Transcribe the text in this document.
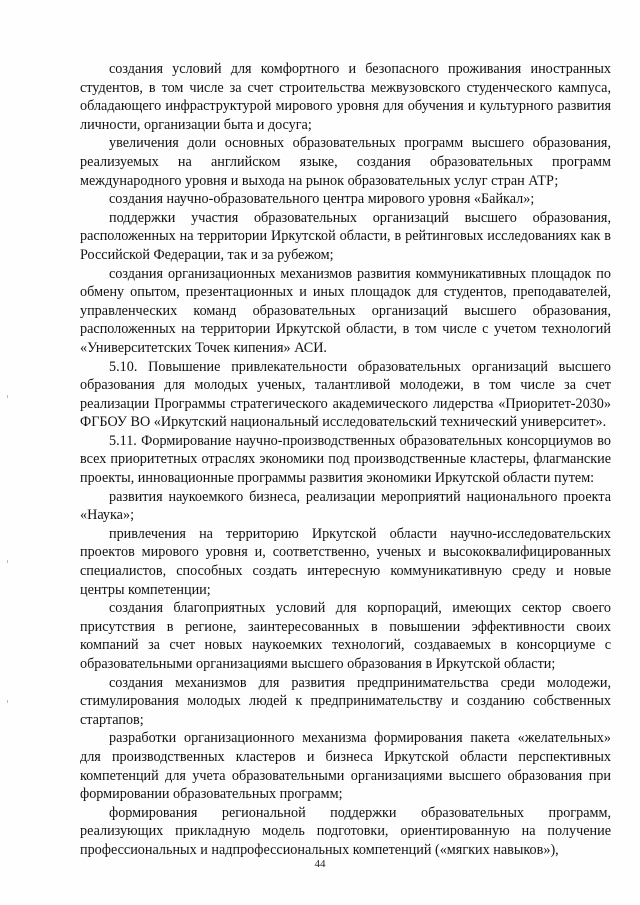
создания условий для комфортного и безопасного проживания иностранных студентов, в том числе за счет строительства межвузовского студенческого кампуса, обладающего инфраструктурой мирового уровня для обучения и культурного развития личности, организации быта и досуга;

увеличения доли основных образовательных программ высшего образования, реализуемых на английском языке, создания образовательных программ международного уровня и выхода на рынок образовательных услуг стран АТР;

создания научно-образовательного центра мирового уровня «Байкал»;

поддержки участия образовательных организаций высшего образования, расположенных на территории Иркутской области, в рейтинговых исследованиях как в Российской Федерации, так и за рубежом;

создания организационных механизмов развития коммуникативных площадок по обмену опытом, презентационных и иных площадок для студентов, преподавателей, управленческих команд образовательных организаций высшего образования, расположенных на территории Иркутской области, в том числе с учетом технологий «Университетских Точек кипения» АСИ.

5.10. Повышение привлекательности образовательных организаций высшего образования для молодых ученых, талантливой молодежи, в том числе за счет реализации Программы стратегического академического лидерства «Приоритет-2030» ФГБОУ ВО «Иркутский национальный исследовательский технический университет».

5.11. Формирование научно-производственных образовательных консорциумов во всех приоритетных отраслях экономики под производственные кластеры, флагманские проекты, инновационные программы развития экономики Иркутской области путем:

развития наукоемкого бизнеса, реализации мероприятий национального проекта «Наука»;

привлечения на территорию Иркутской области научно-исследовательских проектов мирового уровня и, соответственно, ученых и высококвалифицированных специалистов, способных создать интересную коммуникативную среду и новые центры компетенции;

создания благоприятных условий для корпораций, имеющих сектор своего присутствия в регионе, заинтересованных в повышении эффективности своих компаний за счет новых наукоемких технологий, создаваемых в консорциуме с образовательными организациями высшего образования в Иркутской области;

создания механизмов для развития предпринимательства среди молодежи, стимулирования молодых людей к предпринимательству и созданию собственных стартапов;

разработки организационного механизма формирования пакета «желательных» для производственных кластеров и бизнеса Иркутской области перспективных компетенций для учета образовательными организациями высшего образования при формировании образовательных программ;

формирования региональной поддержки образовательных программ, реализующих прикладную модель подготовки, ориентированную на получение профессиональных и надпрофессиональных компетенций («мягких навыков»),

44
